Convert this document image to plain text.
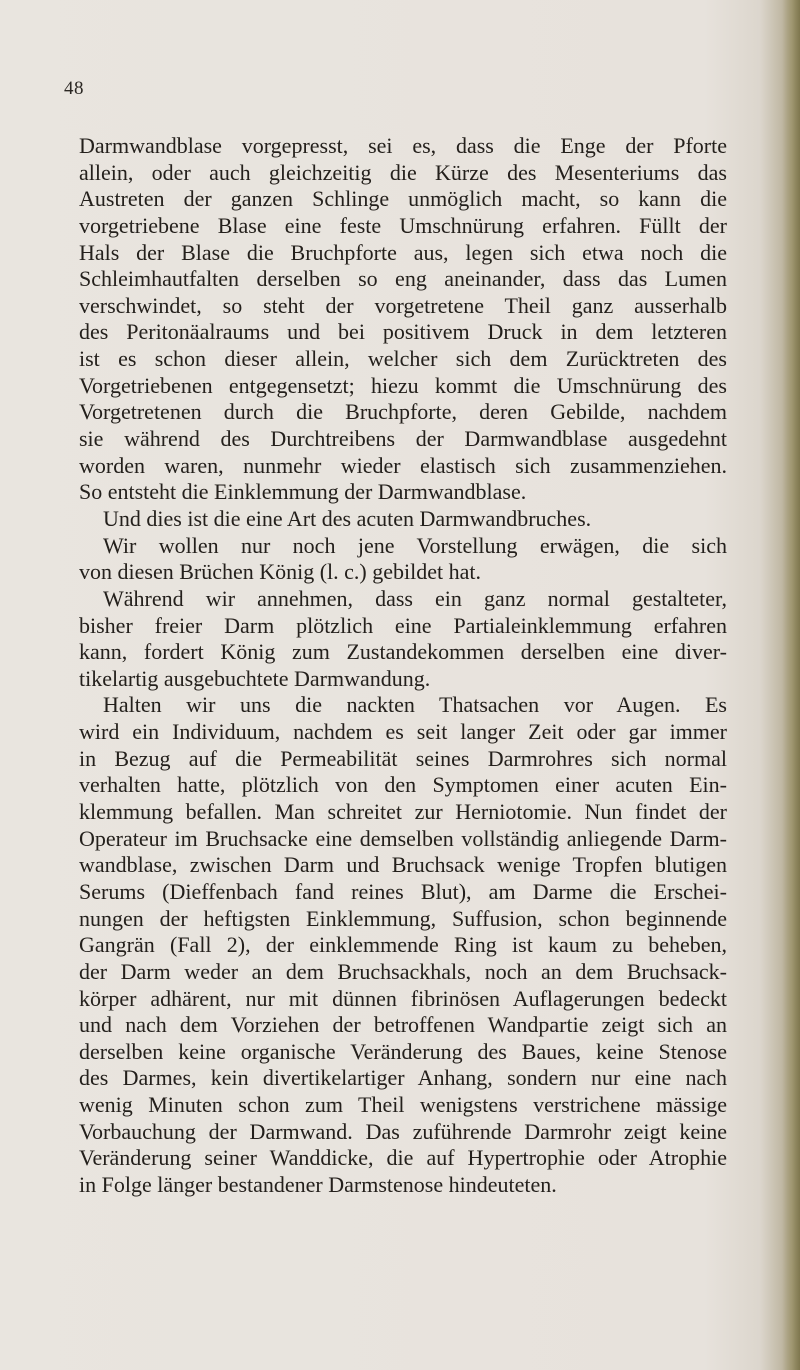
48
Darmwandblase vorgepresst, sei es, dass die Enge der Pforte
allein, oder auch gleichzeitig die Kürze des Mesenteriums das
Austreten der ganzen Schlinge unmöglich macht, so kann die
vorgetriebene Blase eine feste Umschnürung erfahren. Füllt der
Hals der Blase die Bruchpforte aus, legen sich etwa noch die
Schleimhautfalten derselben so eng aneinander, dass das Lumen
verschwindet, so steht der vorgetretene Theil ganz ausserhalb
des Peritonäalraums und bei positivem Druck in dem letzteren
ist es schon dieser allein, welcher sich dem Zurücktreten des
Vorgetriebenen entgegensetzt; hiezu kommt die Umschnürung des
Vorgetretenen durch die Bruchpforte, deren Gebilde, nachdem
sie während des Durchtreibens der Darmwandblase ausgedehnt
worden waren, nunmehr wieder elastisch sich zusammenziehen.
So entsteht die Einklemmung der Darmwandblase.
Und dies ist die eine Art des acuten Darmwandbruches.
Wir wollen nur noch jene Vorstellung erwägen, die sich
von diesen Brüchen König (l. c.) gebildet hat.
Während wir annehmen, dass ein ganz normal gestalteter,
bisher freier Darm plötzlich eine Partialeinklemmung erfahren
kann, fordert König zum Zustandekommen derselben eine diver-
tikelartig ausgebuchtete Darmwandung.
Halten wir uns die nackten Thatsachen vor Augen. Es
wird ein Individuum, nachdem es seit langer Zeit oder gar immer
in Bezug auf die Permeabilität seines Darmrohres sich normal
verhalten hatte, plötzlich von den Symptomen einer acuten Ein-
klemmung befallen. Man schreitet zur Herniotomie. Nun findet der
Operateur im Bruchsacke eine demselben vollständig anliegende Darm-
wandblase, zwischen Darm und Bruchsack wenige Tropfen blutigen
Serums (Dieffenbach fand reines Blut), am Darme die Erschei-
nungen der heftigsten Einklemmung, Suffusion, schon beginnende
Gangrän (Fall 2), der einklemmende Ring ist kaum zu beheben,
der Darm weder an dem Bruchsackhals, noch an dem Bruchsack-
körper adhärent, nur mit dünnen fibrinösen Auflagerungen bedeckt
und nach dem Vorziehen der betroffenen Wandpartie zeigt sich an
derselben keine organische Veränderung des Baues, keine Stenose
des Darmes, kein divertikelartiger Anhang, sondern nur eine nach
wenig Minuten schon zum Theil wenigstens verstrichene mässige
Vorbauchung der Darmwand. Das zuführende Darmrohr zeigt keine
Veränderung seiner Wanddicke, die auf Hypertrophie oder Atrophie
in Folge länger bestandener Darmstenose hindeuteten.
